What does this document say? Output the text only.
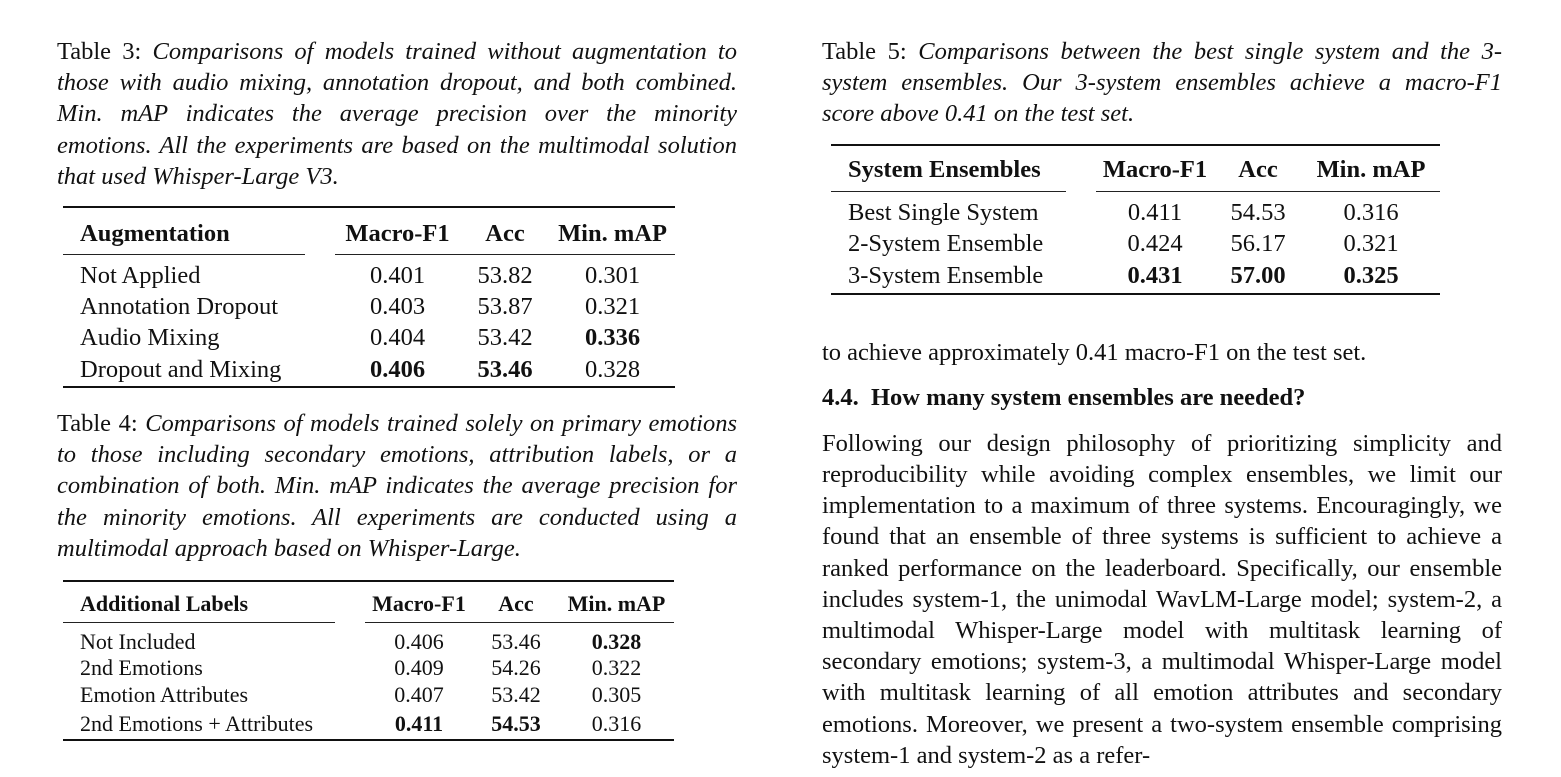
Table 3: Comparisons of models trained without augmentation to those with audio mixing, annotation dropout, and both combined. Min. mAP indicates the average precision over the minority emotions. All the experiments are based on the multimodal solution that used Whisper-Large V3.

Augmentation		Macro-F1	Acc	Min. mAP
Not Applied		0.401	53.82	0.301
Annotation Dropout		0.403	53.87	0.321
Audio Mixing		0.404	53.42	0.336
Dropout and Mixing		0.406	53.46	0.328

Table 4: Comparisons of models trained solely on primary emotions to those including secondary emotions, attribution labels, or a combination of both. Min. mAP indicates the average precision for the minority emotions. All experiments are conducted using a multimodal approach based on Whisper-Large.

Additional Labels		Macro-F1	Acc	Min. mAP
Not Included		0.406	53.46	0.328
2nd Emotions		0.409	54.26	0.322
Emotion Attributes		0.407	53.42	0.305
2nd Emotions + Attributes		0.411	54.53	0.316

Table 5: Comparisons between the best single system and the 3-system ensembles. Our 3-system ensembles achieve a macro-F1 score above 0.41 on the test set.

System Ensembles		Macro-F1	Acc	Min. mAP
Best Single System		0.411	54.53	0.316
2-System Ensemble		0.424	56.17	0.321
3-System Ensemble		0.431	57.00	0.325

to achieve approximately 0.41 macro-F1 on the test set.

4.4. How many system ensembles are needed?

Following our design philosophy of prioritizing simplicity and reproducibility while avoiding complex ensembles, we limit our implementation to a maximum of three systems. Encouragingly, we found that an ensemble of three systems is sufficient to achieve a ranked performance on the leaderboard. Specifically, our ensemble includes system-1, the unimodal WavLM-Large model; system-2, a multimodal Whisper-Large model with multitask learning of secondary emotions; system-3, a multimodal Whisper-Large model with multitask learning of all emotion attributes and secondary emotions. Moreover, we present a two-system ensemble comprising system-1 and system-2 as a refer-
